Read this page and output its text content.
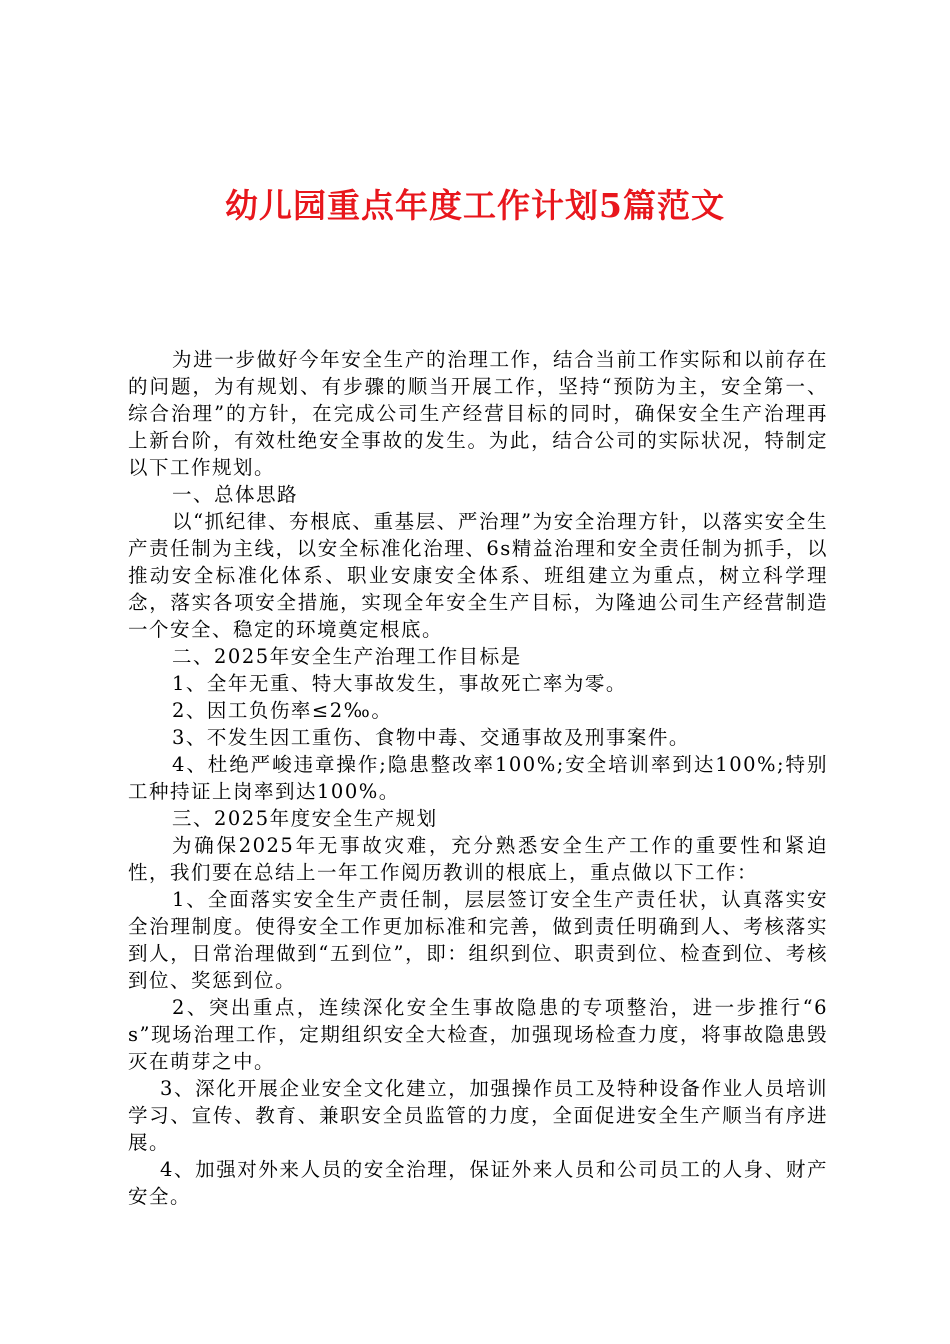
幼儿园重点年度工作计划5篇范文

为进一步做好今年安全生产的治理工作，结合当前工作实际和以前存在的问题，为有规划、有步骤的顺当开展工作，坚持“预防为主，安全第一、综合治理”的方针，在完成公司生产经营目标的同时，确保安全生产治理再上新台阶，有效杜绝安全事故的发生。为此，结合公司的实际状况，特制定以下工作规划。

一、总体思路

以“抓纪律、夯根底、重基层、严治理”为安全治理方针，以落实安全生产责任制为主线，以安全标准化治理、6s精益治理和安全责任制为抓手，以推动安全标准化体系、职业安康安全体系、班组建立为重点，树立科学理念，落实各项安全措施，实现全年安全生产目标，为隆迪公司生产经营制造一个安全、稳定的环境奠定根底。

二、2025年安全生产治理工作目标是

1、全年无重、特大事故发生，事故死亡率为零。

2、因工负伤率≤2‰。

3、不发生因工重伤、食物中毒、交通事故及刑事案件。

4、杜绝严峻违章操作;隐患整改率100%;安全培训率到达100%;特别工种持证上岗率到达100%。

三、2025年度安全生产规划

为确保2025年无事故灾难，充分熟悉安全生产工作的重要性和紧迫性，我们要在总结上一年工作阅历教训的根底上，重点做以下工作：

1、全面落实安全生产责任制，层层签订安全生产责任状，认真落实安全治理制度。使得安全工作更加标准和完善，做到责任明确到人、考核落实到人，日常治理做到“五到位”，即：组织到位、职责到位、检查到位、考核到位、奖惩到位。

2、突出重点，连续深化安全生事故隐患的专项整治，进一步推行“6s”现场治理工作，定期组织安全大检查，加强现场检查力度，将事故隐患毁灭在萌芽之中。

3、深化开展企业安全文化建立，加强操作员工及特种设备作业人员培训学习、宣传、教育、兼职安全员监管的力度，全面促进安全生产顺当有序进展。

4、加强对外来人员的安全治理，保证外来人员和公司员工的人身、财产安全。
